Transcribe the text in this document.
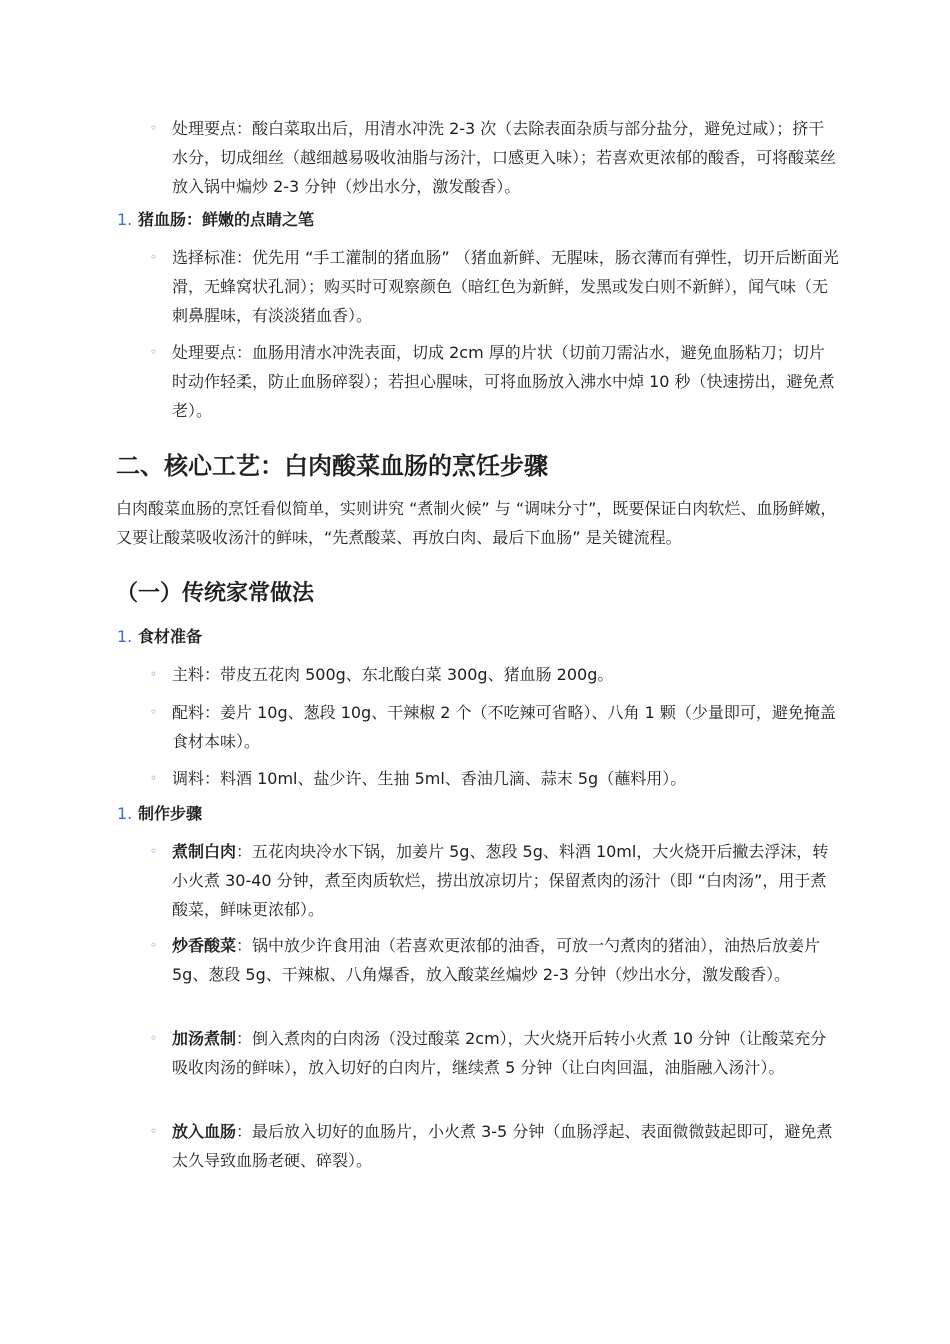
◦ 处理要点：酸白菜取出后，用清水冲洗 2-3 次（去除表面杂质与部分盐分，避免过咸）；挤干水分，切成细丝（越细越易吸收油脂与汤汁，口感更入味）；若喜欢更浓郁的酸香，可将酸菜丝放入锅中煸炒 2-3 分钟（炒出水分，激发酸香）。
1. 猪血肠：鲜嫩的点睛之笔
◦ 选择标准：优先用 “手工灌制的猪血肠” （猪血新鲜、无腥味，肠衣薄而有弹性，切开后断面光滑，无蜂窝状孔洞）；购买时可观察颜色（暗红色为新鲜，发黑或发白则不新鲜），闻气味（无刺鼻腥味，有淡淡猪血香）。
◦ 处理要点：血肠用清水冲洗表面，切成 2cm 厚的片状（切前刀需沾水，避免血肠粘刀；切片时动作轻柔，防止血肠碎裂）；若担心腥味，可将血肠放入沸水中焯 10 秒（快速捞出，避免煮老）。
二、核心工艺：白肉酸菜血肠的烹饪步骤

白肉酸菜血肠的烹饪看似简单，实则讲究 “煮制火候” 与 “调味分寸”，既要保证白肉软烂、血肠鲜嫩，又要让酸菜吸收汤汁的鲜味，“先煮酸菜、再放白肉、最后下血肠” 是关键流程。

（一）传统家常做法
1. 食材准备
◦ 主料：带皮五花肉 500g、东北酸白菜 300g、猪血肠 200g。
◦ 配料：姜片 10g、葱段 10g、干辣椒 2 个（不吃辣可省略）、八角 1 颗（少量即可，避免掩盖食材本味）。
◦ 调料：料酒 10ml、盐少许、生抽 5ml、香油几滴、蒜末 5g（蘸料用）。
1. 制作步骤
◦ 煮制白肉：五花肉块冷水下锅，加姜片 5g、葱段 5g、料酒 10ml，大火烧开后撇去浮沫，转小火煮 30-40 分钟，煮至肉质软烂，捞出放凉切片；保留煮肉的汤汁（即 “白肉汤”，用于煮酸菜，鲜味更浓郁）。
◦ 炒香酸菜：锅中放少许食用油（若喜欢更浓郁的油香，可放一勺煮肉的猪油），油热后放姜片 5g、葱段 5g、干辣椒、八角爆香，放入酸菜丝煸炒 2-3 分钟（炒出水分，激发酸香）。
◦ 加汤煮制：倒入煮肉的白肉汤（没过酸菜 2cm），大火烧开后转小火煮 10 分钟（让酸菜充分吸收肉汤的鲜味），放入切好的白肉片，继续煮 5 分钟（让白肉回温，油脂融入汤汁）。
◦ 放入血肠：最后放入切好的血肠片，小火煮 3-5 分钟（血肠浮起、表面微微鼓起即可，避免煮太久导致血肠老硬、碎裂）。
